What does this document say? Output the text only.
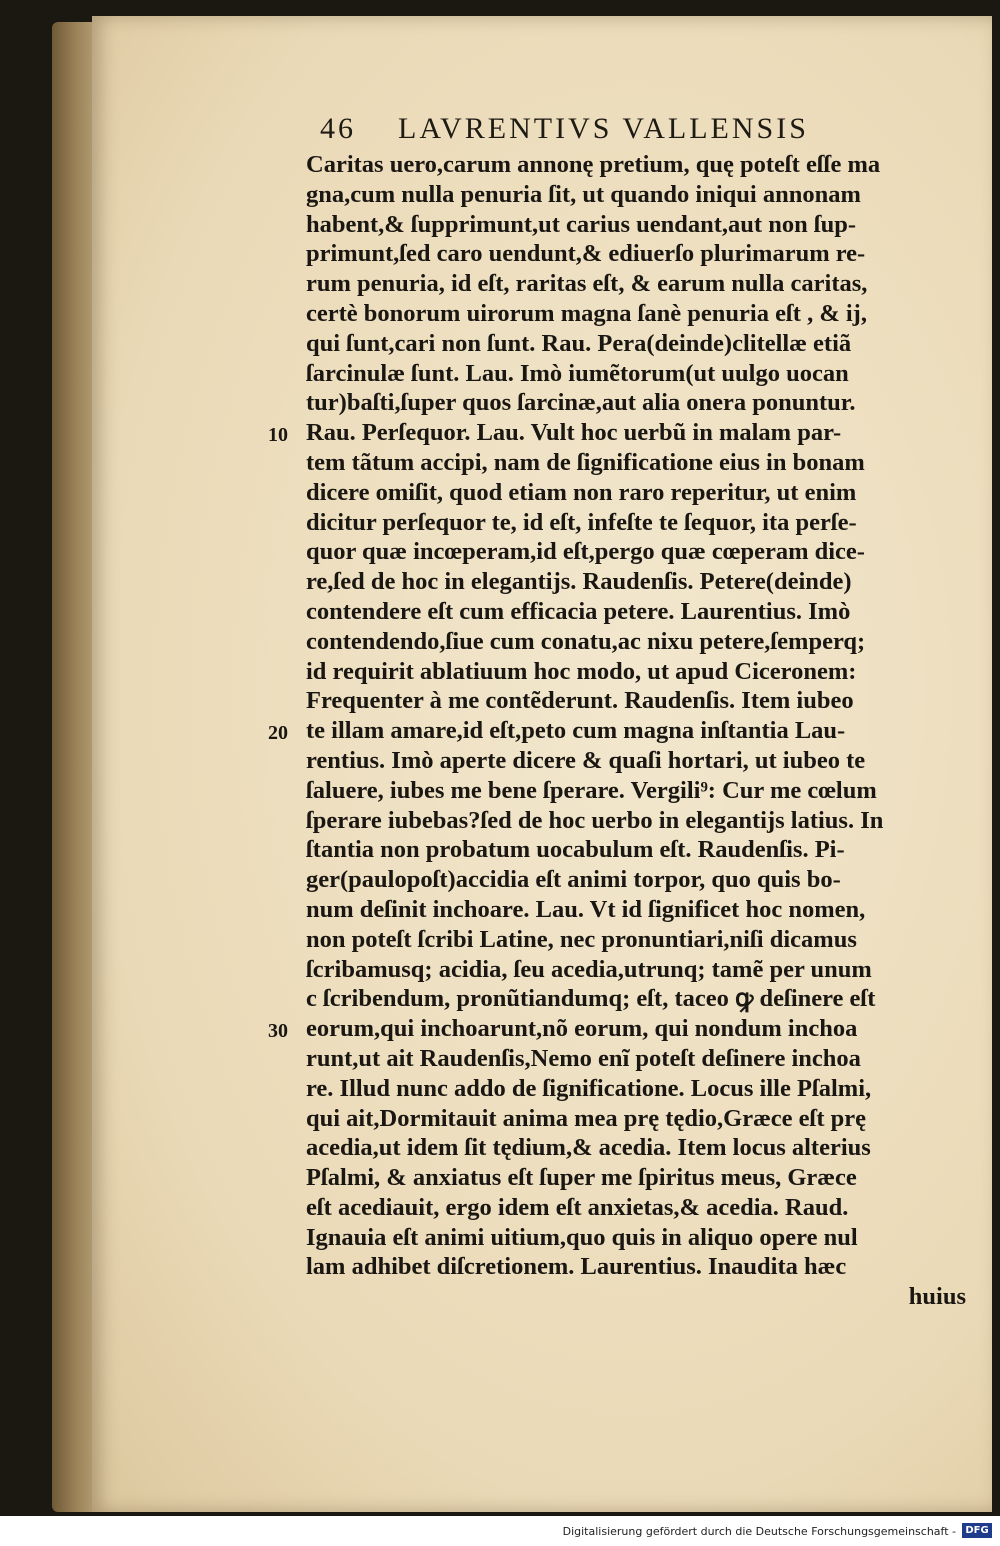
46 LAVRENTIVS VALLENSIS
10
20
30
Caritas uero,carum annonę pretium, quę poteſt eſſe ma
gna,cum nulla penuria ſit, ut quando iniqui annonam
habent,& ſupprimunt,ut carius uendant,aut non ſup-
primunt,ſed caro uendunt,& ediuerſo plurimarum re-
rum penuria, id eſt, raritas eſt, & earum nulla caritas,
certè bonorum uirorum magna ſanè penuria eſt , & ij,
qui ſunt,cari non ſunt. Rau. Pera(deinde)clitellæ etiã
ſarcinulæ ſunt. Lau. Imò iumẽtorum(ut uulgo uocan
tur)baſti,ſuper quos ſarcinæ,aut alia onera ponuntur.
Rau. Perſequor. Lau. Vult hoc uerbũ in malam par-
tem tãtum accipi, nam de ſignificatione eius in bonam
dicere omiſit, quod etiam non raro reperitur, ut enim
dicitur perſequor te, id eſt, infeſte te ſequor, ita perſe-
quor quæ incœperam,id eſt,pergo quæ cœperam dice-
re,ſed de hoc in elegantijs. Raudenſis. Petere(deinde)
contendere eſt cum efficacia petere. Laurentius. Imò
contendendo,ſiue cum conatu,ac nixu petere,ſemperq;
id requirit ablatiuum hoc modo, ut apud Ciceronem:
Frequenter à me contẽderunt. Raudenſis. Item iubeo
te illam amare,id eſt,peto cum magna inſtantia Lau-
rentius. Imò aperte dicere & quaſi hortari, ut iubeo te
ſaluere, iubes me bene ſperare. Vergili⁹: Cur me cœlum
ſperare iubebas?ſed de hoc uerbo in elegantijs latius. In
ſtantia non probatum uocabulum eſt. Raudenſis. Pi-
ger(paulopoſt)accidia eſt animi torpor, quo quis bo-
num deſinit inchoare. Lau. Vt id ſignificet hoc nomen,
non poteſt ſcribi Latine, nec pronuntiari,niſi dicamus
ſcribamusq; acidia, ſeu acedia,utrunq; tamẽ per unum
c ſcribendum, pronũtiandumq; eſt, taceo ꝙ deſinere eſt
eorum,qui inchoarunt,nõ eorum, qui nondum inchoa
runt,ut ait Raudenſis,Nemo enĩ poteſt deſinere inchoa
re. Illud nunc addo de ſignificatione. Locus ille Pſalmi,
qui ait,Dormitauit anima mea prę tędio,Græce eſt prę
acedia,ut idem ſit tędium,& acedia. Item locus alterius
Pſalmi, & anxiatus eſt ſuper me ſpiritus meus, Græce
eſt acediauit, ergo idem eſt anxietas,& acedia. Raud.
Ignauia eſt animi uitium,quo quis in aliquo opere nul
lam adhibet diſcretionem. Laurentius. Inaudita hæc
huius
Digitalisierung gefördert durch die Deutsche Forschungsgemeinschaft - DFG
